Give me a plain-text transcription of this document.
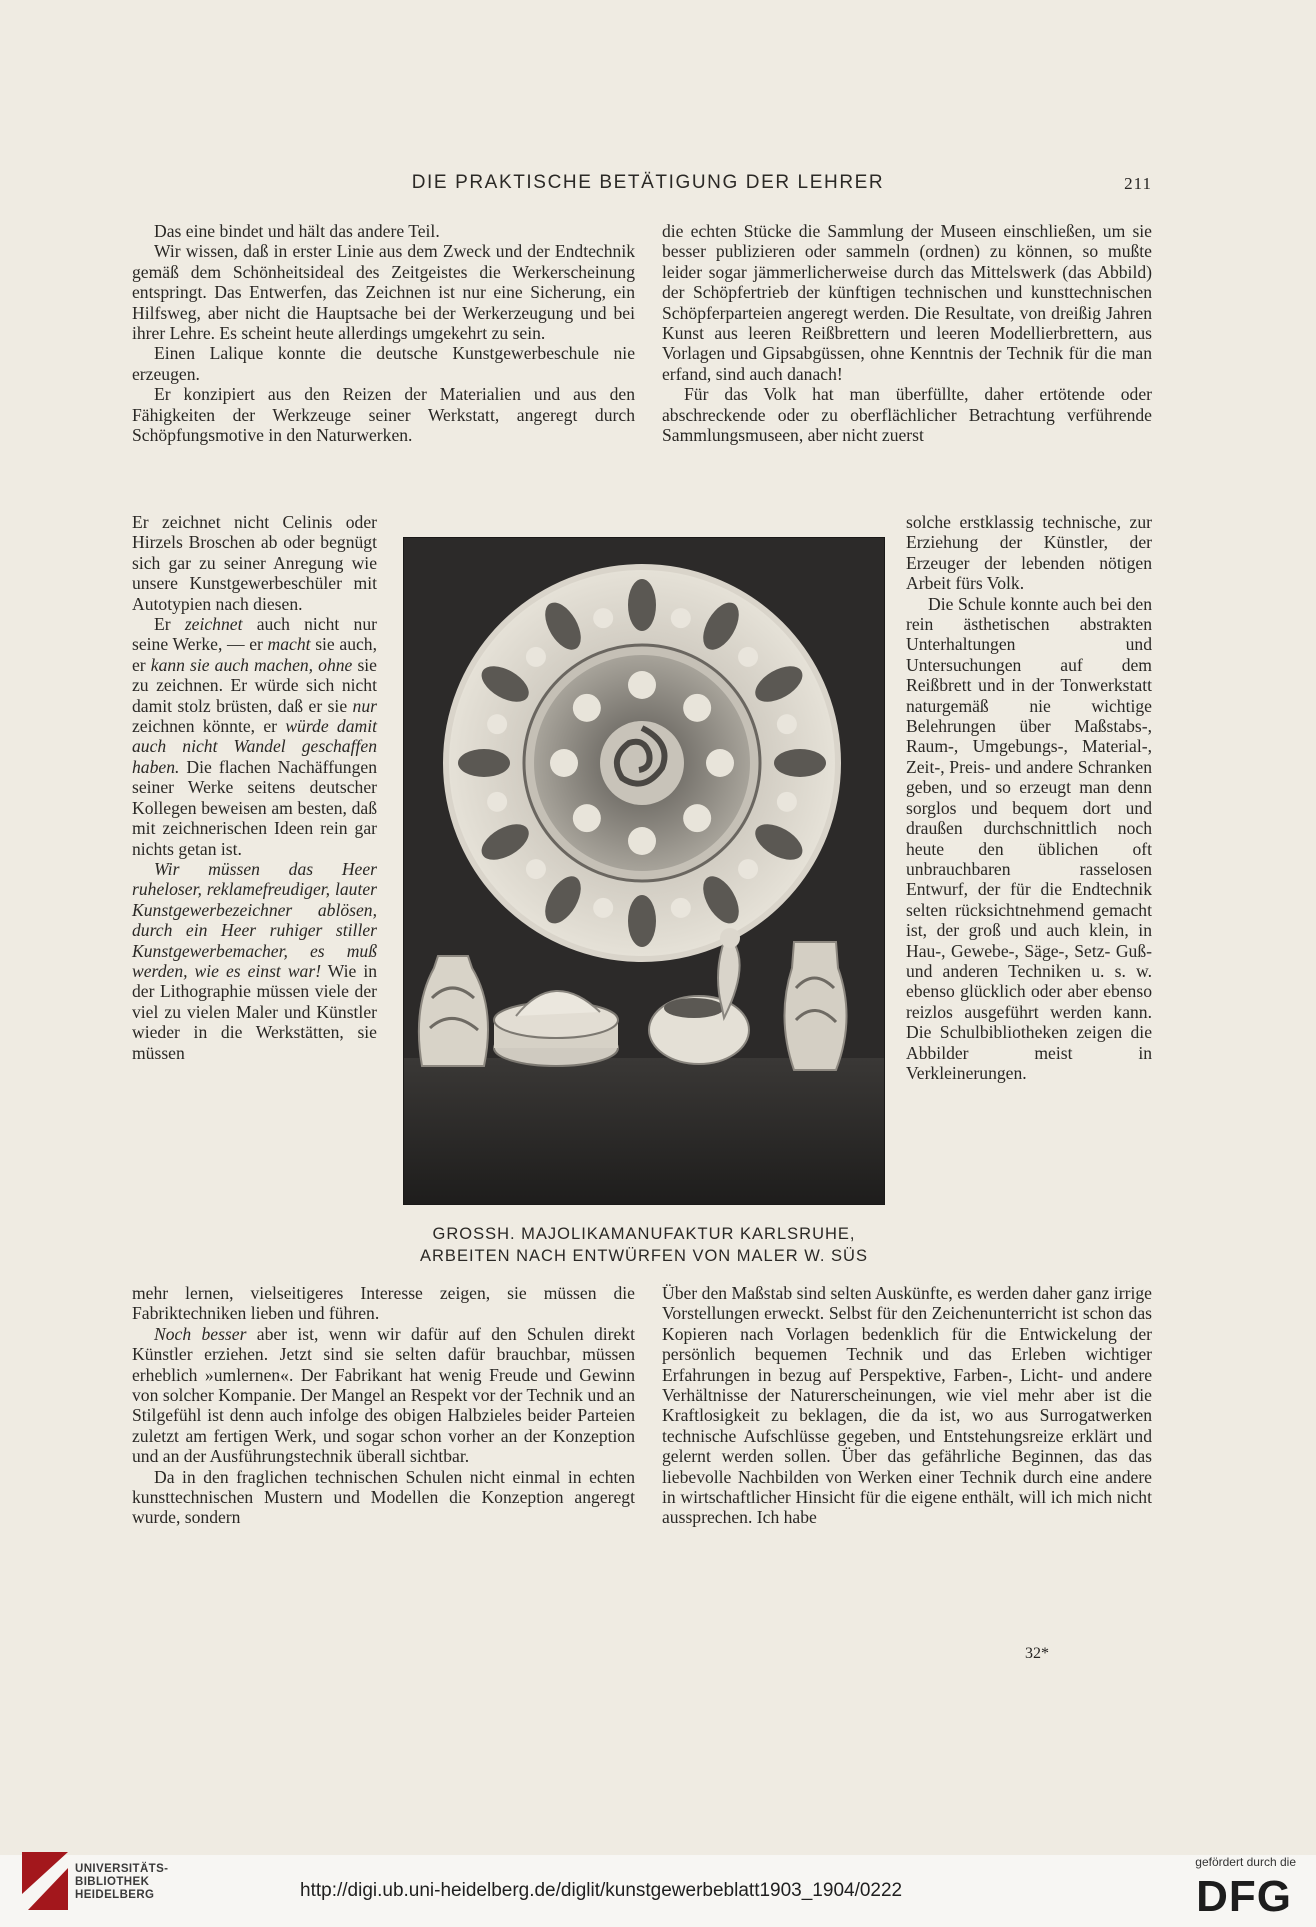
DIE PRAKTISCHE BETÄTIGUNG DER LEHRER	211

Das eine bindet und hält das andere Teil.

Wir wissen, daß in erster Linie aus dem Zweck und der Endtechnik gemäß dem Schönheitsideal des Zeitgeistes die Werkerscheinung entspringt. Das Entwerfen, das Zeichnen ist nur eine Sicherung, ein Hilfsweg, aber nicht die Hauptsache bei der Werkerzeugung und bei ihrer Lehre. Es scheint heute allerdings umgekehrt zu sein.

Einen Lalique konnte die deutsche Kunstgewerbeschule nie erzeugen.

Er konzipiert aus den Reizen der Materialien und aus den Fähigkeiten der Werkzeuge seiner Werkstatt, angeregt durch Schöpfungsmotive in den Naturwerken.

die echten Stücke die Sammlung der Museen einschließen, um sie besser publizieren oder sammeln (ordnen) zu können, so mußte leider sogar jämmerlicherweise durch das Mittelswerk (das Abbild) der Schöpfertrieb der künftigen technischen und kunsttechnischen Schöpferparteien angeregt werden. Die Resultate, von dreißig Jahren Kunst aus leeren Reißbrettern und leeren Modellierbrettern, aus Vorlagen und Gipsabgüssen, ohne Kenntnis der Technik für die man erfand, sind auch danach!

Für das Volk hat man überfüllte, daher ertötende oder abschreckende oder zu oberflächlicher Betrachtung verführende Sammlungsmuseen, aber nicht zuerst

Er zeichnet nicht Celinis oder Hirzels Broschen ab oder begnügt sich gar zu seiner Anregung wie unsere Kunstgewerbeschüler mit Autotypien nach diesen.

Er zeichnet auch nicht nur seine Werke, — er macht sie auch, er kann sie auch machen, ohne sie zu zeichnen. Er würde sich nicht damit stolz brüsten, daß er sie nur zeichnen könnte, er würde damit auch nicht Wandel geschaffen haben. Die flachen Nachäffungen seiner Werke seitens deutscher Kollegen beweisen am besten, daß mit zeichnerischen Ideen rein gar nichts getan ist.

Wir müssen das Heer ruheloser, reklamefreudiger, lauter Kunstgewerbezeichner ablösen, durch ein Heer ruhiger stiller Kunstgewerbemacher, es muß werden, wie es einst war! Wie in der Lithographie müssen viele der viel zu vielen Maler und Künstler wieder in die Werkstätten, sie müssen

solche erstklassig technische, zur Erziehung der Künstler, der Erzeuger der lebenden nötigen Arbeit fürs Volk.

Die Schule konnte auch bei den rein ästhetischen abstrakten Unterhaltungen und Untersuchungen auf dem Reißbrett und in der Tonwerkstatt naturgemäß nie wichtige Belehrungen über Maßstabs-, Raum-, Umgebungs-, Material-, Zeit-, Preis- und andere Schranken geben, und so erzeugt man denn sorglos und bequem dort und draußen durchschnittlich noch heute den üblichen oft unbrauchbaren rasselosen Entwurf, der für die Endtechnik selten rücksichtnehmend gemacht ist, der groß und auch klein, in Hau-, Gewebe-, Säge-, Setz- Guß- und anderen Techniken u. s. w. ebenso glücklich oder aber ebenso reizlos ausgeführt werden kann. Die Schulbibliotheken zeigen die Abbilder meist in Verkleinerungen.

mehr lernen, vielseitigeres Interesse zeigen, sie müssen die Fabriktechniken lieben und führen.

Noch besser aber ist, wenn wir dafür auf den Schulen direkt Künstler erziehen. Jetzt sind sie selten dafür brauchbar, müssen erheblich »umlernen«. Der Fabrikant hat wenig Freude und Gewinn von solcher Kompanie. Der Mangel an Respekt vor der Technik und an Stilgefühl ist denn auch infolge des obigen Halbzieles beider Parteien zuletzt am fertigen Werk, und sogar schon vorher an der Konzeption und an der Ausführungstechnik überall sichtbar.

Da in den fraglichen technischen Schulen nicht einmal in echten kunsttechnischen Mustern und Modellen die Konzeption angeregt wurde, sondern

Über den Maßstab sind selten Auskünfte, es werden daher ganz irrige Vorstellungen erweckt. Selbst für den Zeichenunterricht ist schon das Kopieren nach Vorlagen bedenklich für die Entwickelung der persönlich bequemen Technik und das Erleben wichtiger Erfahrungen in bezug auf Perspektive, Farben-, Licht- und andere Verhältnisse der Naturerscheinungen, wie viel mehr aber ist die Kraftlosigkeit zu beklagen, die da ist, wo aus Surrogatwerken technische Aufschlüsse gegeben, und Entstehungsreize erklärt und gelernt werden sollen. Über das gefährliche Beginnen, das das liebevolle Nachbilden von Werken einer Technik durch eine andere in wirtschaftlicher Hinsicht für die eigene enthält, will ich mich nicht aussprechen. Ich habe

GROSSH. MAJOLIKAMANUFAKTUR KARLSRUHE,
ARBEITEN NACH ENTWÜRFEN VON MALER W. SÜS
32*
UNIVERSITÄTS-
BIBLIOTHEK
HEIDELBERG	http://digi.ub.uni-heidelberg.de/diglit/kunstgewerbeblatt1903_1904/0222
gefördert durch die
DFG
